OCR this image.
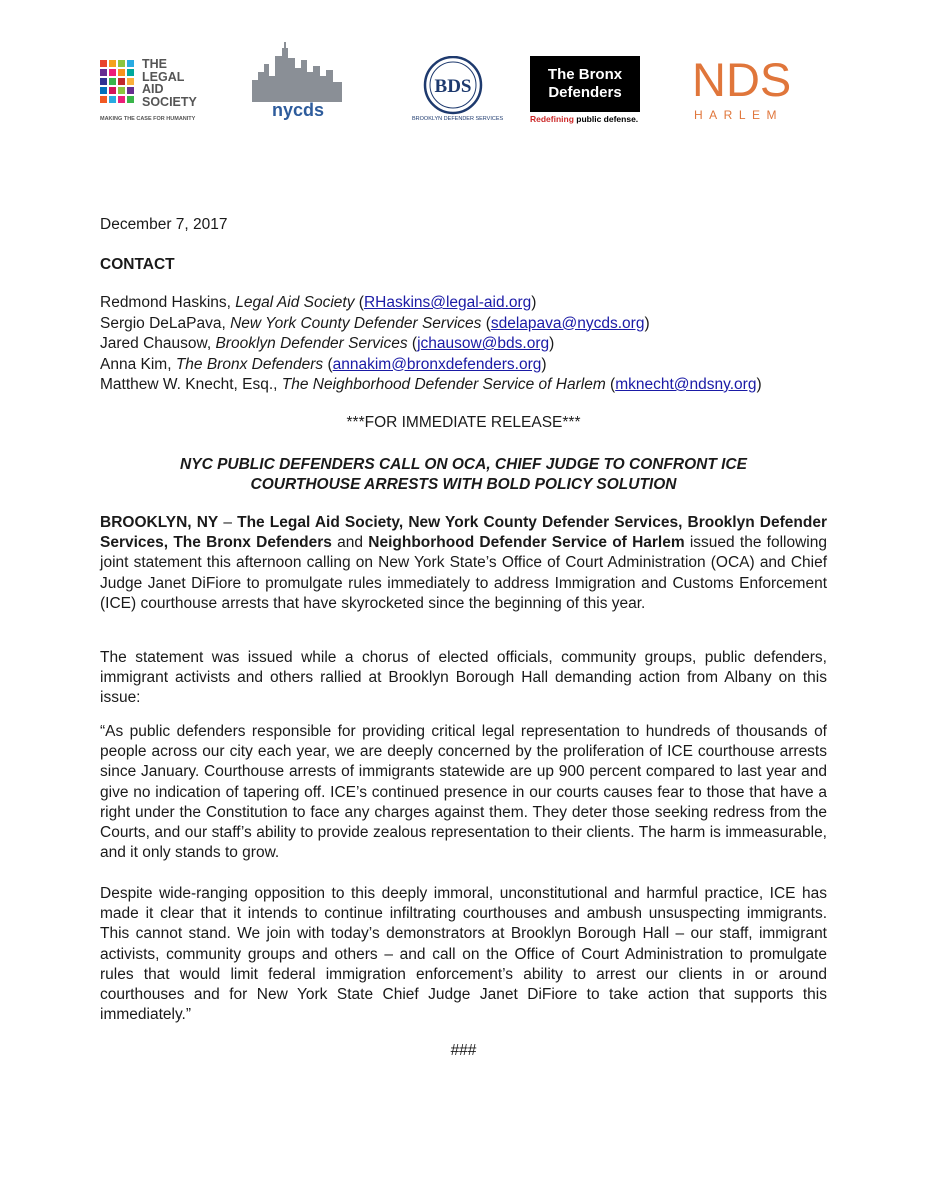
THE
LEGAL
AID
SOCIETY
MAKING THE CASE FOR HUMANITY	nycds
BDS
BROOKLYN DEFENDER SERVICES
The Bronx
Defenders
Redefining public defense.
NDS
HARLEM
December 7, 2017
CONTACT
Redmond Haskins, Legal Aid Society (RHaskins@legal-aid.org)
Sergio DeLaPava, New York County Defender Services (sdelapava@nycds.org)
Jared Chausow, Brooklyn Defender Services (jchausow@bds.org)
Anna Kim, The Bronx Defenders (annakim@bronxdefenders.org)
Matthew W. Knecht, Esq., The Neighborhood Defender Service of Harlem (mknecht@ndsny.org)
***FOR IMMEDIATE RELEASE***
NYC PUBLIC DEFENDERS CALL ON OCA, CHIEF JUDGE TO CONFRONT ICE
COURTHOUSE ARRESTS WITH BOLD POLICY SOLUTION

BROOKLYN, NY – The Legal Aid Society, New York County Defender Services, Brooklyn Defender Services, The Bronx Defenders and Neighborhood Defender Service of Harlem issued the following joint statement this afternoon calling on New York State’s Office of Court Administration (OCA) and Chief Judge Janet DiFiore to promulgate rules immediately to address Immigration and Customs Enforcement (ICE) courthouse arrests that have skyrocketed since the beginning of this year.

The statement was issued while a chorus of elected officials, community groups, public defenders, immigrant activists and others rallied at Brooklyn Borough Hall demanding action from Albany on this issue:

“As public defenders responsible for providing critical legal representation to hundreds of thousands of people across our city each year, we are deeply concerned by the proliferation of ICE courthouse arrests since January. Courthouse arrests of immigrants statewide are up 900 percent compared to last year and give no indication of tapering off. ICE’s continued presence in our courts causes fear to those that have a right under the Constitution to face any charges against them. They deter those seeking redress from the Courts, and our staff’s ability to provide zealous representation to their clients. The harm is immeasurable, and it only stands to grow.

Despite wide-ranging opposition to this deeply immoral, unconstitutional and harmful practice, ICE has made it clear that it intends to continue infiltrating courthouses and ambush unsuspecting immigrants. This cannot stand. We join with today’s demonstrators at Brooklyn Borough Hall – our staff, immigrant activists, community groups and others – and call on the Office of Court Administration to promulgate rules that would limit federal immigration enforcement’s ability to arrest our clients in or around courthouses and for New York State Chief Judge Janet DiFiore to take action that supports this immediately.”

###
